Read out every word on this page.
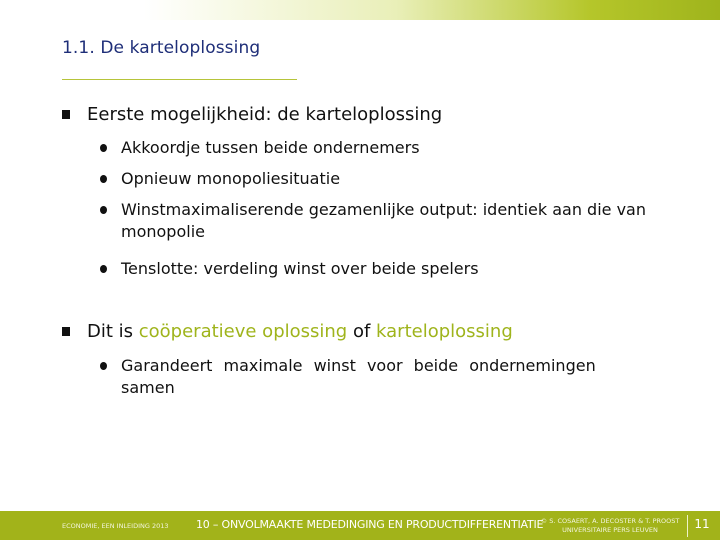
1.1. De karteloplossing
Eerste mogelijkheid: de karteloplossing
Akkoordje tussen beide ondernemers
Opnieuw monopoliesituatie
Winstmaximaliserende gezamenlijke output: identiek aan die van monopolie
Tenslotte: verdeling winst over beide spelers
Dit is coöperatieve oplossing of karteloplossing
Garandeert maximale winst voor beide ondernemingen samen
ECONOMIE, EEN INLEIDING 2013 10 – ONVOLMAAKTE MEDEDINGING EN PRODUCTDIFFERENTIATIE
© S. COSAERT, A. DECOSTER & T. PROOST
UNIVERSITAIRE PERS LEUVEN	11
